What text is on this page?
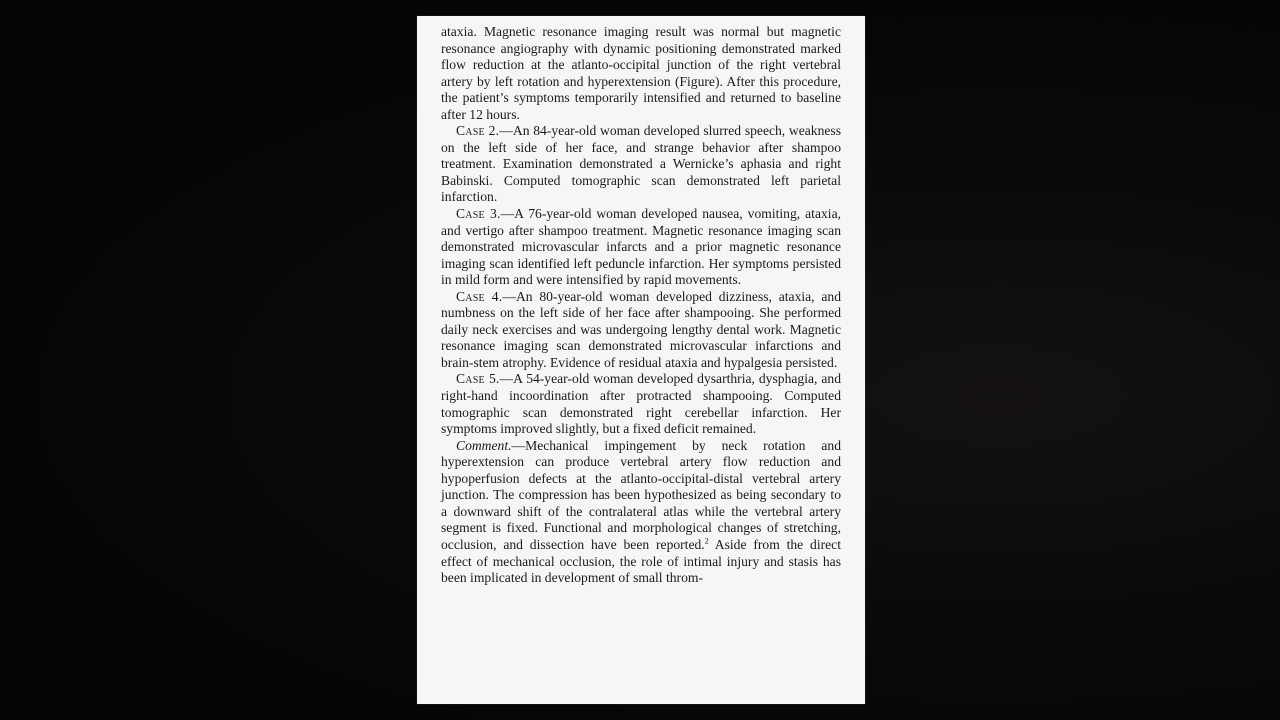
ataxia. Magnetic resonance imaging result was normal but magnetic resonance angiography with dynamic positioning demonstrated marked flow reduction at the atlanto-occipital junction of the right vertebral artery by left rotation and hyperextension (Figure). After this procedure, the patient’s symptoms temporarily intensified and returned to baseline after 12 hours.

Case 2.—An 84-year-old woman developed slurred speech, weakness on the left side of her face, and strange behavior after shampoo treatment. Examination demonstrated a Wernicke’s aphasia and right Babinski. Computed tomographic scan demonstrated left parietal infarction.

Case 3.—A 76-year-old woman developed nausea, vomiting, ataxia, and vertigo after shampoo treatment. Magnetic resonance imaging scan demonstrated microvascular infarcts and a prior magnetic resonance imaging scan identified left peduncle infarction. Her symptoms persisted in mild form and were intensified by rapid movements.

Case 4.—An 80-year-old woman developed dizziness, ataxia, and numbness on the left side of her face after shampooing. She performed daily neck exercises and was undergoing lengthy dental work. Magnetic resonance imaging scan demonstrated microvascular infarctions and brain-stem atrophy. Evidence of residual ataxia and hypalgesia persisted.

Case 5.—A 54-year-old woman developed dysarthria, dysphagia, and right-hand incoordination after protracted shampooing. Computed tomographic scan demonstrated right cerebellar infarction. Her symptoms improved slightly, but a fixed deficit remained.

Comment.—Mechanical impingement by neck rotation and hyperextension can produce vertebral artery flow reduction and hypoperfusion defects at the atlanto-occipital-distal vertebral artery junction. The compression has been hypothesized as being secondary to a downward shift of the contralateral atlas while the vertebral artery segment is fixed. Functional and morphological changes of stretching, occlusion, and dissection have been reported.$^2$ Aside from the direct effect of mechanical occlusion, the role of intimal injury and stasis has been implicated in development of small throm-
